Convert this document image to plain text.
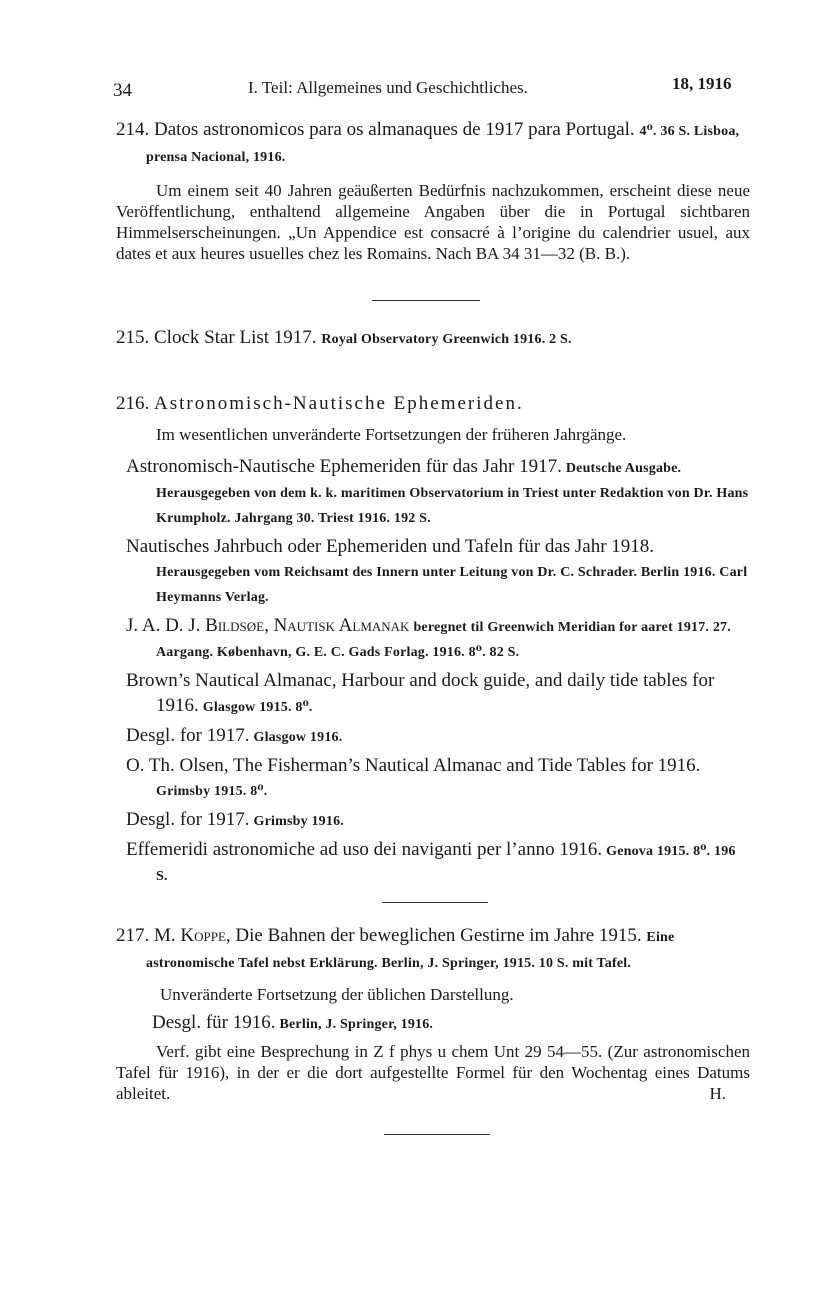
34	I. Teil: Allgemeines und Geschichtliches.	18, 1916

214. Datos astronomicos para os almanaques de 1917 para Portugal. 4⁰. 36 S. Lisboa, prensa Nacional, 1916.

Um einem seit 40 Jahren geäußerten Bedürfnis nachzukommen, erscheint diese neue Veröffentlichung, enthaltend allgemeine Angaben über die in Portugal sichtbaren Himmelserscheinungen. „Un Appendice est consacré à l’origine du calendrier usuel, aux dates et aux heures usuelles chez les Romains. Nach BA 34 31—32 (B. B.).

215. Clock Star List 1917. Royal Observatory Greenwich 1916. 2 S.

216. Astronomisch-Nautische Ephemeriden.

Im wesentlichen unveränderte Fortsetzungen der früheren Jahrgänge.

Astronomisch-Nautische Ephemeriden für das Jahr 1917. Deutsche Ausgabe. Herausgegeben von dem k. k. maritimen Observatorium in Triest unter Redaktion von Dr. Hans Krumpholz. Jahrgang 30. Triest 1916. 192 S.

Nautisches Jahrbuch oder Ephemeriden und Tafeln für das Jahr 1918. Herausgegeben vom Reichsamt des Innern unter Leitung von Dr. C. Schrader. Berlin 1916. Carl Heymanns Verlag.

J. A. D. J. Bildsøe, Nautisk Almanak beregnet til Greenwich Meridian for aaret 1917. 27. Aargang. København, G. E. C. Gads Forlag. 1916. 8⁰. 82 S.

Brown’s Nautical Almanac, Harbour and dock guide, and daily tide tables for 1916. Glasgow 1915. 8⁰.

Desgl. for 1917. Glasgow 1916.

O. Th. Olsen, The Fisherman’s Nautical Almanac and Tide Tables for 1916. Grimsby 1915. 8⁰.

Desgl. for 1917. Grimsby 1916.

Effemeridi astronomiche ad uso dei naviganti per l’anno 1916. Genova 1915. 8⁰. 196 S.

217. M. Koppe, Die Bahnen der beweglichen Gestirne im Jahre 1915. Eine astronomische Tafel nebst Erklärung. Berlin, J. Springer, 1915. 10 S. mit Tafel.

Unveränderte Fortsetzung der üblichen Darstellung.

Desgl. für 1916. Berlin, J. Springer, 1916.

Verf. gibt eine Besprechung in Z f phys u chem Unt 29 54—55. (Zur astronomischen Tafel für 1916), in der er die dort aufgestellte Formel für den Wochentag eines Datums ableitet.	H.
